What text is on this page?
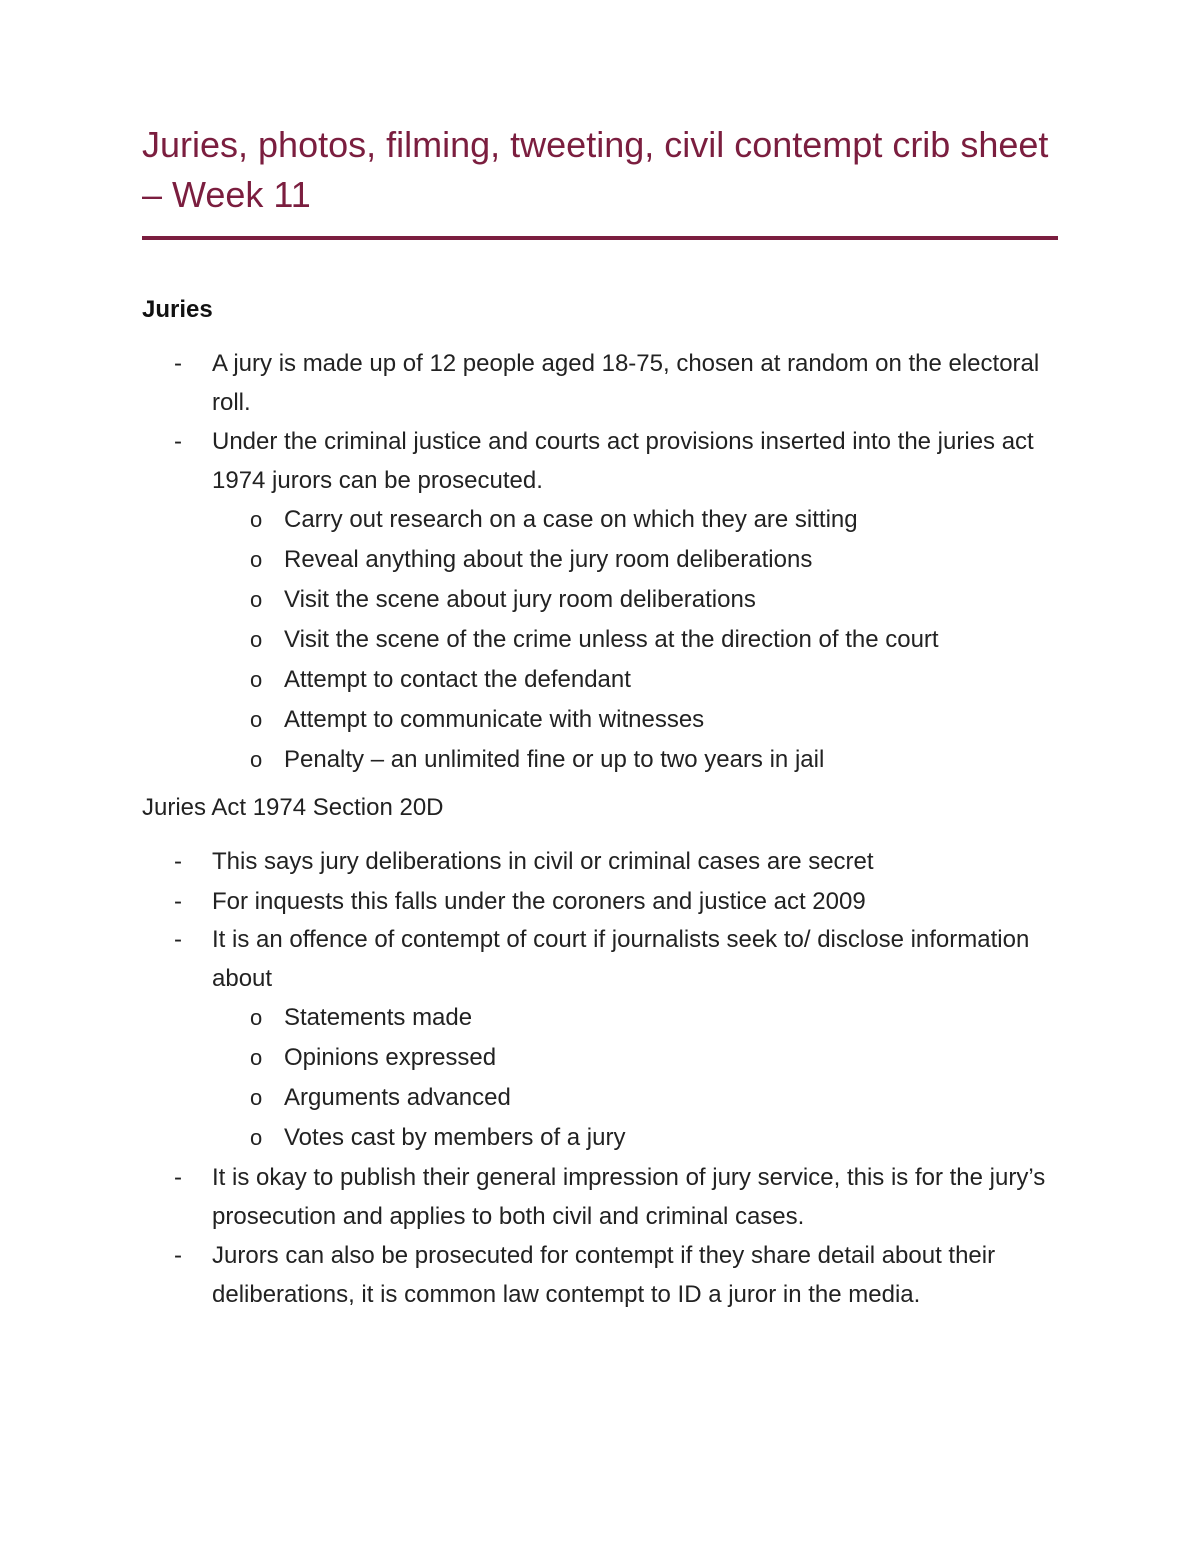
Juries, photos, filming, tweeting, civil contempt crib sheet – Week 11
Juries
- A jury is made up of 12 people aged 18-75, chosen at random on the electoral roll.
- Under the criminal justice and courts act provisions inserted into the juries act 1974 jurors can be prosecuted.
o Carry out research on a case on which they are sitting
o Reveal anything about the jury room deliberations
o Visit the scene about jury room deliberations
o Visit the scene of the crime unless at the direction of the court
o Attempt to contact the defendant
o Attempt to communicate with witnesses
o Penalty – an unlimited fine or up to two years in jail
Juries Act 1974 Section 20D
- This says jury deliberations in civil or criminal cases are secret
- For inquests this falls under the coroners and justice act 2009
- It is an offence of contempt of court if journalists seek to/ disclose information about
o Statements made
o Opinions expressed
o Arguments advanced
o Votes cast by members of a jury
- It is okay to publish their general impression of jury service, this is for the jury’s prosecution and applies to both civil and criminal cases.
- Jurors can also be prosecuted for contempt if they share detail about their deliberations, it is common law contempt to ID a juror in the media.
